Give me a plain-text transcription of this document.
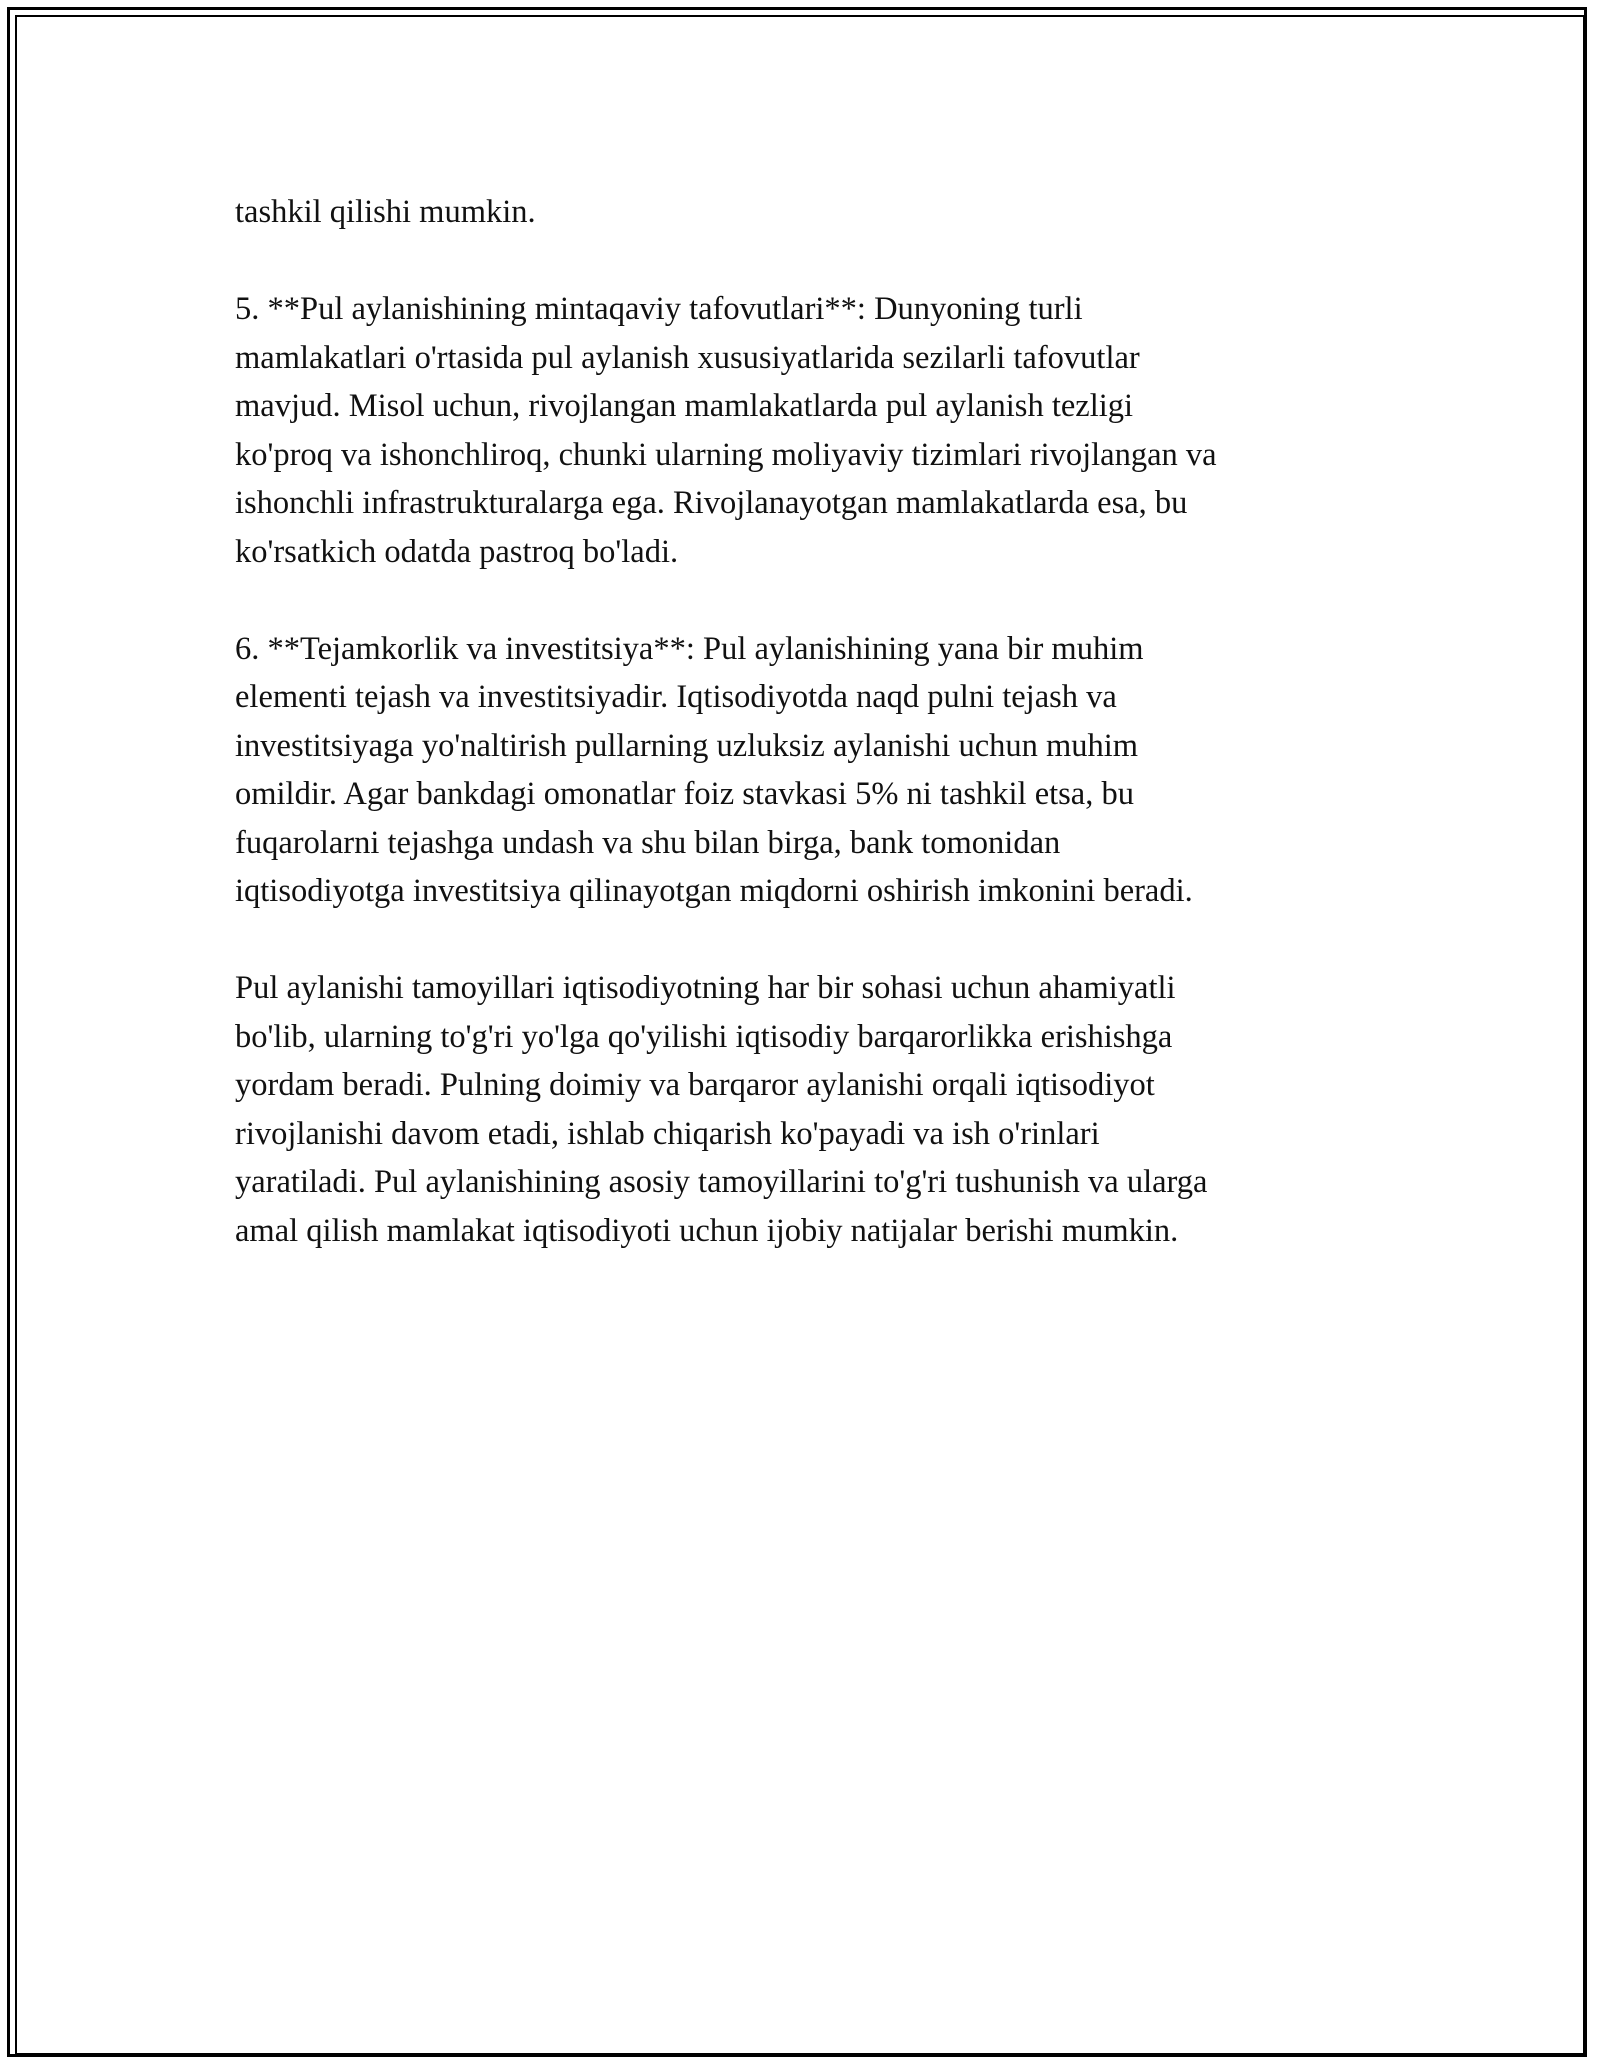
tashkil qilishi mumkin.

5. **Pul aylanishining mintaqaviy tafovutlari**: Dunyoning turli
mamlakatlari o'rtasida pul aylanish xususiyatlarida sezilarli tafovutlar
mavjud. Misol uchun, rivojlangan mamlakatlarda pul aylanish tezligi
ko'proq va ishonchliroq, chunki ularning moliyaviy tizimlari rivojlangan va
ishonchli infrastrukturalarga ega. Rivojlanayotgan mamlakatlarda esa, bu
ko'rsatkich odatda pastroq bo'ladi.

6. **Tejamkorlik va investitsiya**: Pul aylanishining yana bir muhim
elementi tejash va investitsiyadir. Iqtisodiyotda naqd pulni tejash va
investitsiyaga yo'naltirish pullarning uzluksiz aylanishi uchun muhim
omildir. Agar bankdagi omonatlar foiz stavkasi 5% ni tashkil etsa, bu
fuqarolarni tejashga undash va shu bilan birga, bank tomonidan
iqtisodiyotga investitsiya qilinayotgan miqdorni oshirish imkonini beradi.

Pul aylanishi tamoyillari iqtisodiyotning har bir sohasi uchun ahamiyatli
bo'lib, ularning to'g'ri yo'lga qo'yilishi iqtisodiy barqarorlikka erishishga
yordam beradi. Pulning doimiy va barqaror aylanishi orqali iqtisodiyot
rivojlanishi davom etadi, ishlab chiqarish ko'payadi va ish o'rinlari
yaratiladi. Pul aylanishining asosiy tamoyillarini to'g'ri tushunish va ularga
amal qilish mamlakat iqtisodiyoti uchun ijobiy natijalar berishi mumkin.
